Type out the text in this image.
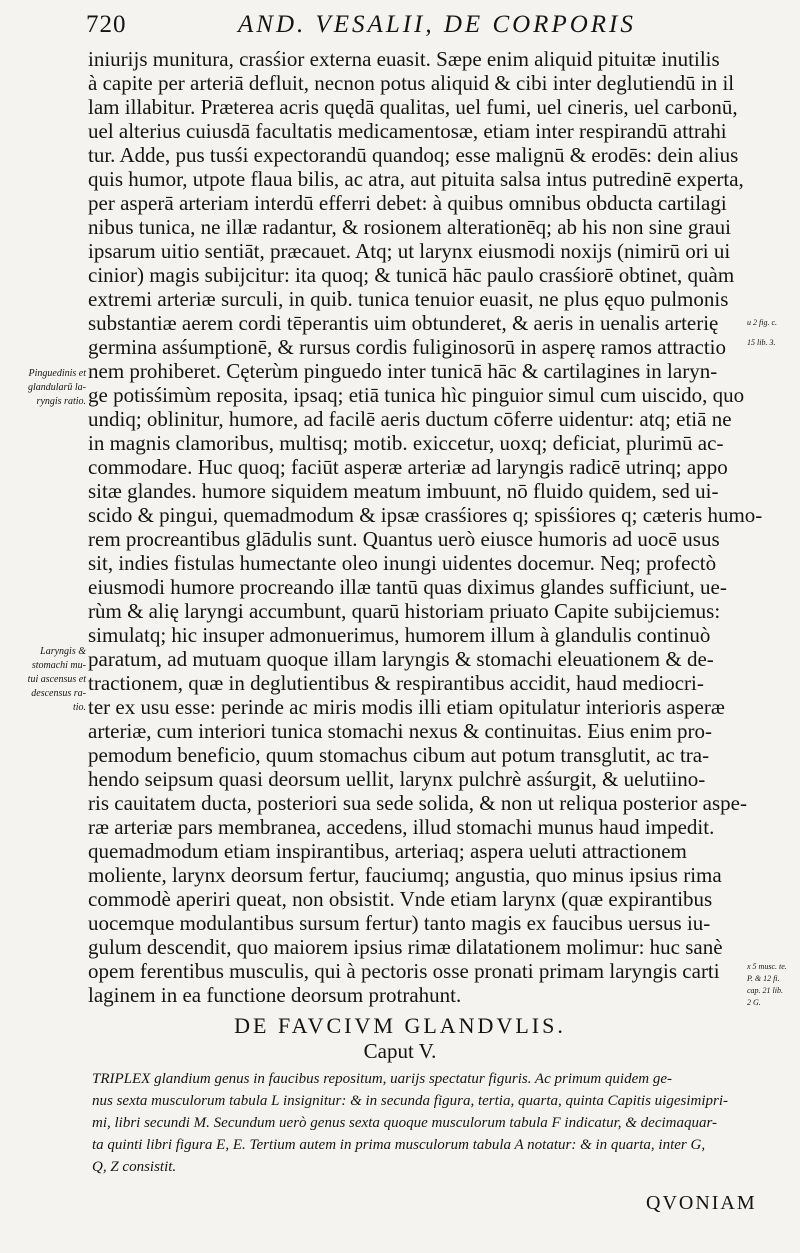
720	AND. VESALII, DE CORPORIS
iniurijs munitura, crasśior externa euasit. Sæpe enim aliquid pituitæ inutilis
à capite per arteriā defluit, necnon potus aliquid & cibi inter deglutiendū in il
lam illabitur. Præterea acris quędā qualitas, uel fumi, uel cineris, uel carbonū,
uel alterius cuiusdā facultatis medicamentosæ, etiam inter respirandū attrahi
tur. Adde, pus tusśi expectorandū quandoq; esse malignū & erodēs: dein alius
quis humor, utpote flaua bilis, ac atra, aut pituita salsa intus putredinē experta,
per asperā arteriam interdū efferri debet: à quibus omnibus obducta cartilagi
nibus tunica, ne illæ radantur, & rosionem alterationēq; ab his non sine graui
ipsarum uitio sentiāt, præcauet. Atq; ut larynx eiusmodi noxijs (nimirū ori ui
cinior) magis subijcitur: ita quoq; & tunicā hāc paulo crasśiorē obtinet, quàm
extremi arteriæ surculi, in quib. tunica tenuior euasit, ne plus ęquo pulmonis
substantiæ aerem cordi tēperantis uim obtunderet, & aeris in uenalis arterię
germina asśumptionē, & rursus cordis fuliginosorū in asperę ramos attractio
nem prohiberet. Cęterùm pinguedo inter tunicā hāc & cartilagines in laryn-
ge potisśimùm reposita, ipsaq; etiā tunica hìc pinguior simul cum uiscido, quo
undiq; oblinitur, humore, ad facilē aeris ductum cōferre uidentur: atq; etiā ne
in magnis clamoribus, multisq; motib. exiccetur, uoxq; deficiat, plurimū ac-
commodare. Huc quoq; faciūt asperæ arteriæ ad laryngis radicē utrinq; appo
sitæ glandes. humore siquidem meatum imbuunt, nō fluido quidem, sed ui-
scido & pingui, quemadmodum & ipsæ crasśiores q; spisśiores q; cæteris humo-
rem procreantibus glādulis sunt. Quantus uerò eiusce humoris ad uocē usus
sit, indies fistulas humectante oleo inungi uidentes docemur. Neq; profectò
eiusmodi humore procreando illæ tantū quas diximus glandes sufficiunt, ue-
rùm & alię laryngi accumbunt, quarū historiam priuato Capite subijciemus:
simulatq; hic insuper admonuerimus, humorem illum à glandulis continuò
paratum, ad mutuam quoque illam laryngis & stomachi eleuationem & de-
tractionem, quæ in deglutientibus & respirantibus accidit, haud mediocri-
ter ex usu esse: perinde ac miris modis illi etiam opitulatur interioris asperæ
arteriæ, cum interiori tunica stomachi nexus & continuitas. Eius enim pro-
pemodum beneficio, quum stomachus cibum aut potum transglutit, ac tra-
hendo seipsum quasi deorsum uellit, larynx pulchrè asśurgit, & uelutiino-
ris cauitatem ducta, posteriori sua sede solida, & non ut reliqua posterior aspe-
ræ arteriæ pars membranea, accedens, illud stomachi munus haud impedit.
quemadmodum etiam inspirantibus, arteriaq; aspera ueluti attractionem
moliente, larynx deorsum fertur, fauciumq; angustia, quo minus ipsius rima
commodè aperiri queat, non obsistit. Vnde etiam larynx (quæ expirantibus
uocemque modulantibus sursum fertur) tanto magis ex faucibus uersus iu-
gulum descendit, quo maiorem ipsius rimæ dilatationem molimur: huc sanè
opem ferentibus musculis, qui à pectoris osse pronati primam laryngis carti
laginem in ea functione deorsum protrahunt.
Pinguedinis et
glandularū la-
ryngis ratio.
Laryngis &
stomachi mu-
tui ascensus et
descensus ra-
tio.
u 2 fig. c.
15 lib. 3.
x 5 musc. te.
P. & 12 fi.
cap. 21 lib.
2 G.
DE FAVCIVM GLANDVLIS.
Caput V.
TRIPLEX glandium genus in faucibus repositum, uarijs spectatur figuris. Ac primum quidem ge-
nus sexta musculorum tabula L insignitur: & in secunda figura, tertia, quarta, quinta Capitis uigesimipri-
mi, libri secundi M. Secundum uerò genus sexta quoque musculorum tabula F indicatur, & decimaquar-
ta quinti libri figura E, E. Tertium autem in prima musculorum tabula A notatur: & in quarta, inter G,
Q, Z consistit.
QVONIAM
